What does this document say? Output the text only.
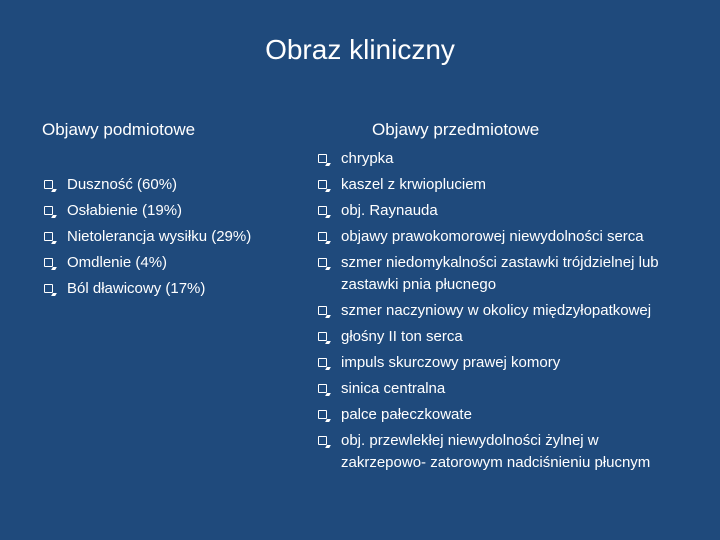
Obraz kliniczny
Objawy podmiotowe	Objawy przedmiotowe
Duszność (60%)
Osłabienie (19%)
Nietolerancja wysiłku (29%)
Omdlenie (4%)
Ból dławicowy (17%)
chrypka
kaszel z krwiopluciem
obj. Raynauda
objawy prawokomorowej niewydolności serca
szmer niedomykalności zastawki trójdzielnej lub zastawki pnia płucnego
szmer naczyniowy w okolicy międzyłopatkowej
głośny II ton serca
impuls skurczowy prawej komory
sinica centralna
palce pałeczkowate
obj. przewlekłej niewydolności żylnej w zakrzepowo- zatorowym nadciśnieniu płucnym
